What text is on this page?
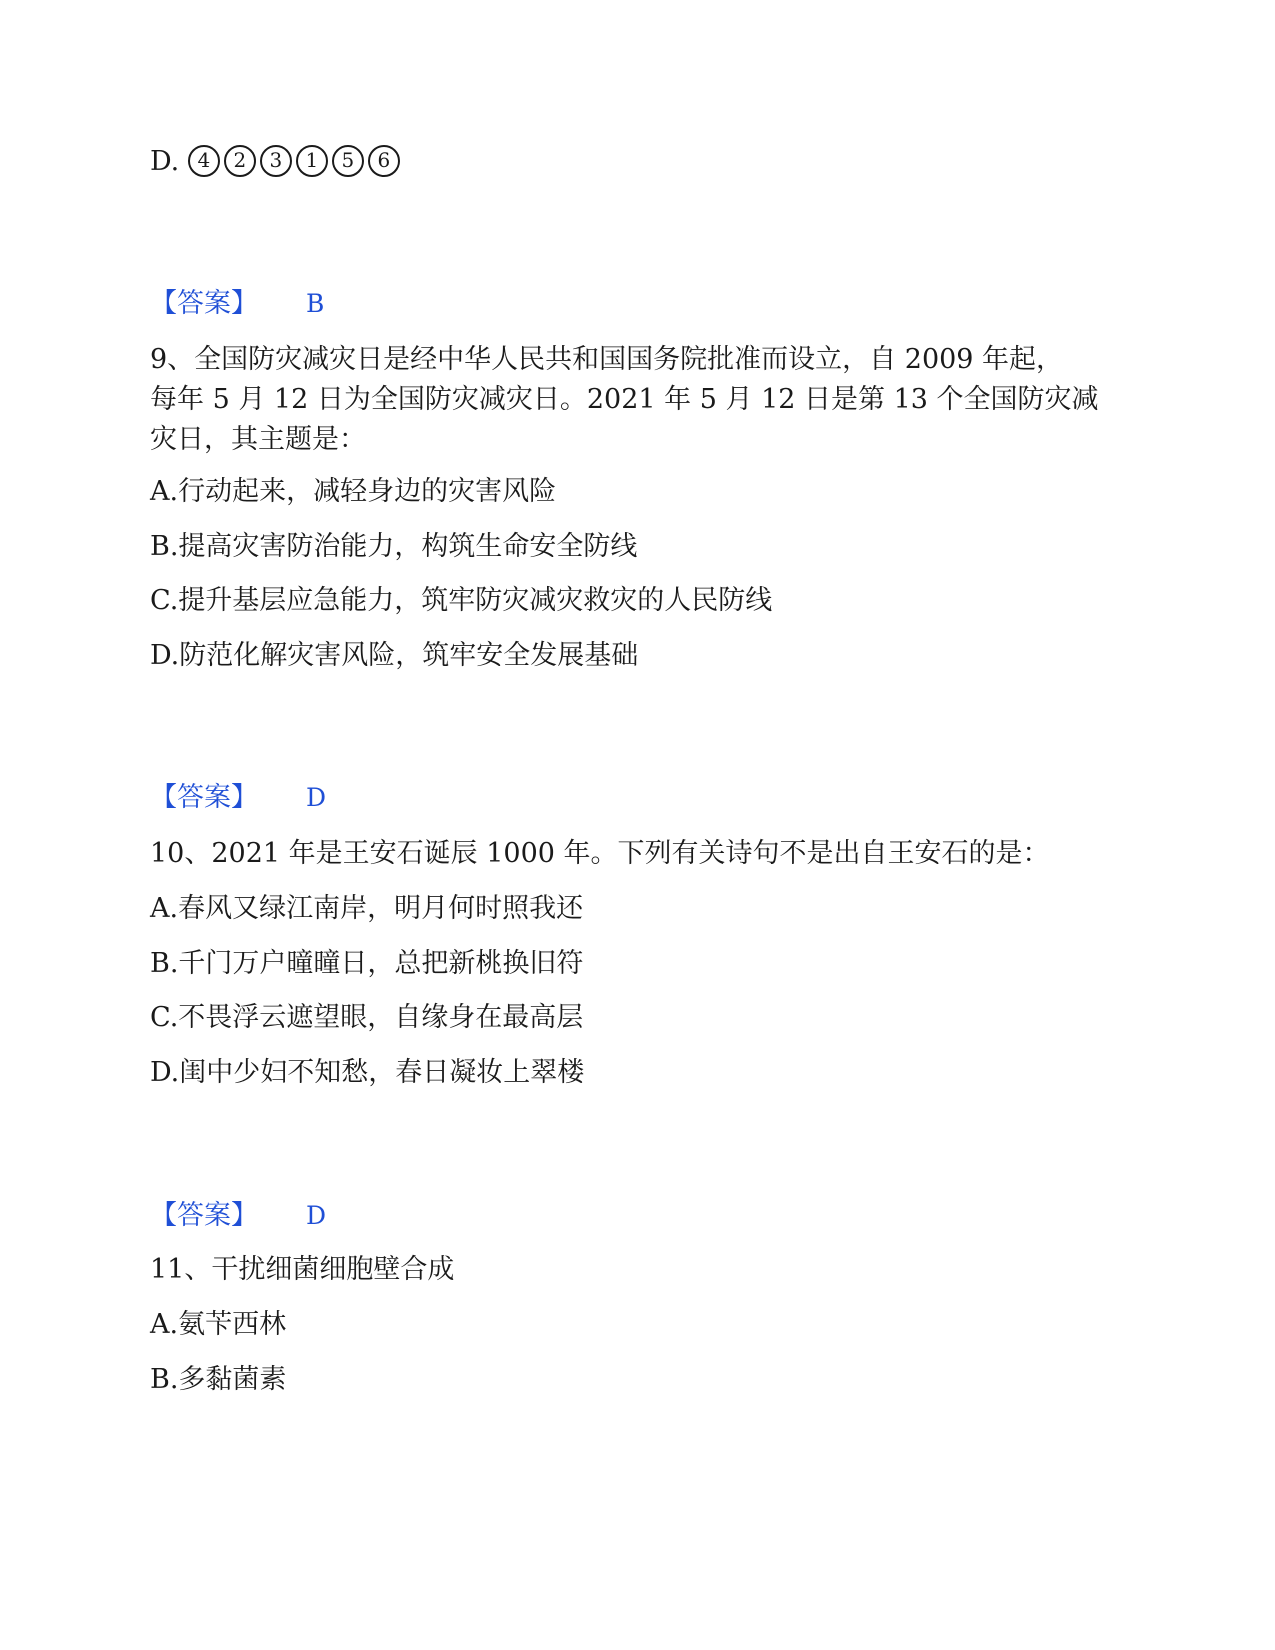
D. 4 2 3 1 5 6
【答案】 B
9、全国防灾减灾日是经中华人民共和国国务院批准而设立，自 2009 年起，
每年 5 月 12 日为全国防灾减灾日。2021 年 5 月 12 日是第 13 个全国防灾减
灾日，其主题是：
A.行动起来，减轻身边的灾害风险
B.提高灾害防治能力，构筑生命安全防线
C.提升基层应急能力，筑牢防灾减灾救灾的人民防线
D.防范化解灾害风险，筑牢安全发展基础
【答案】 D
10、2021 年是王安石诞辰 1000 年。下列有关诗句不是出自王安石的是：
A.春风又绿江南岸，明月何时照我还
B.千门万户曈曈日，总把新桃换旧符
C.不畏浮云遮望眼，自缘身在最高层
D.闺中少妇不知愁，春日凝妆上翠楼
【答案】 D
11、干扰细菌细胞壁合成
A.氨苄西林
B.多黏菌素
